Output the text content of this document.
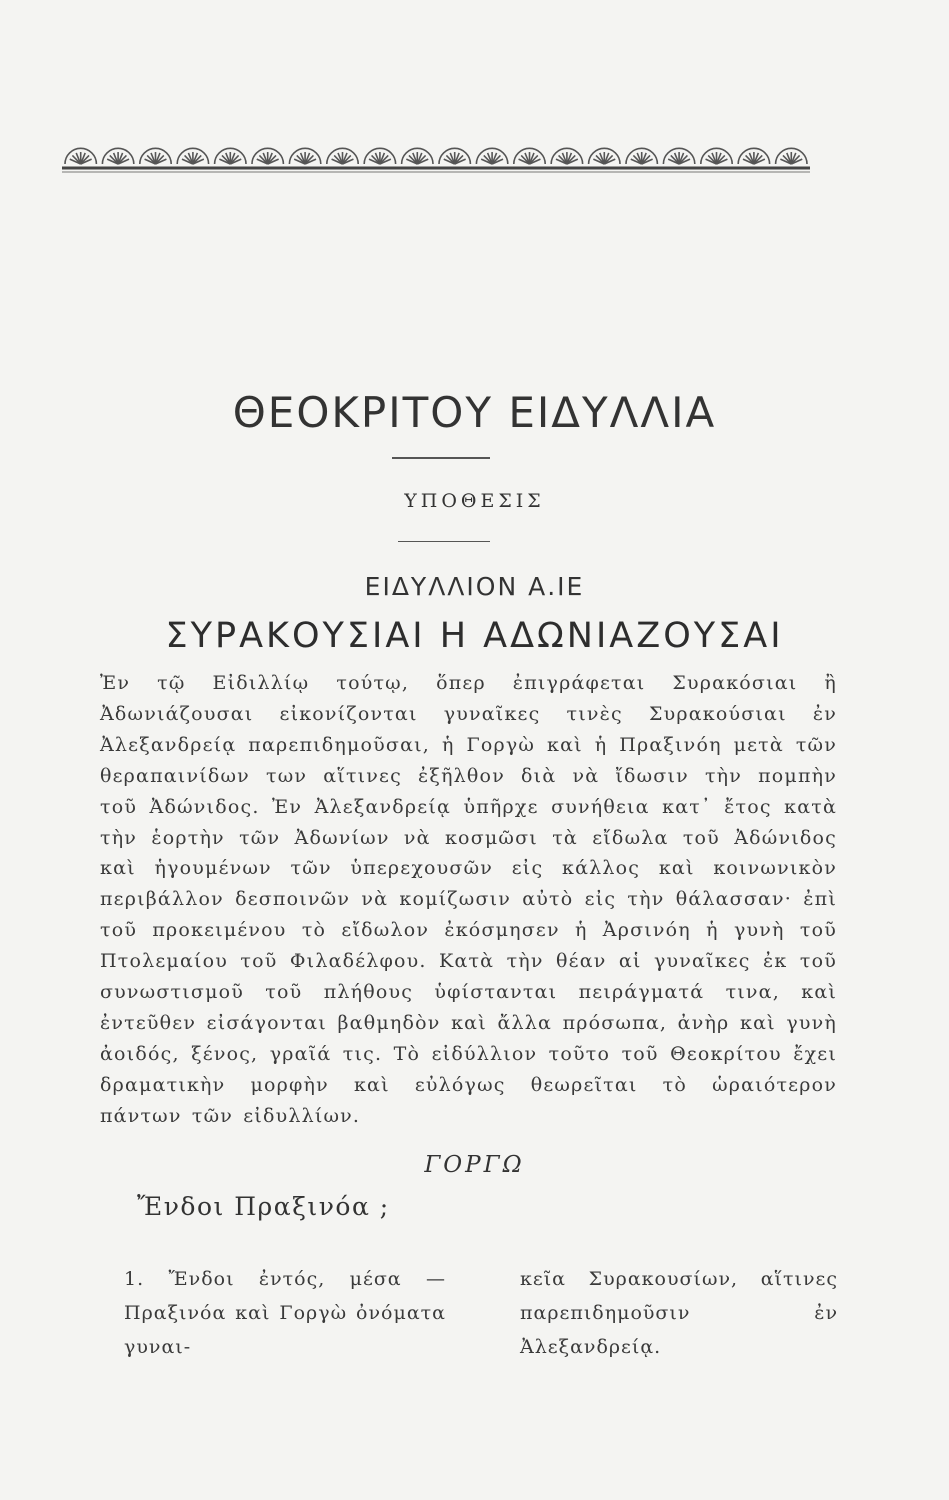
ΘΕΟΚΡΙΤΟΥ ΕΙΔΥΛΛΙΑ
ΥΠΟΘΕΣΙΣ
ΕΙΔΥΛΛΙΟΝ Α.ΙΕ
ΣΥΡΑΚΟΥΣΙΑΙ Η ΑΔΩΝΙΑΖΟΥΣΑΙ

Ἐν τῷ Εἰδιλλίῳ τούτῳ, ὅπερ ἐπιγράφεται Συρακόσιαι ἢ Ἀδωνιάζουσαι εἰκονίζονται γυναῖκες τινὲς Συρακούσιαι ἐν Ἀλεξανδρείᾳ παρεπιδημοῦσαι, ἡ Γοργὼ καὶ ἡ Πραξινόη μετὰ τῶν θεραπαινίδων των αἵτινες ἐξῆλθον διὰ νὰ ἴδωσιν τὴν πομπὴν τοῦ Ἀδώνιδος. Ἐν Ἀλεξανδρείᾳ ὑπῆρχε συνήθεια κατ᾽ ἔτος κατὰ τὴν ἑορτὴν τῶν Ἀδωνίων νὰ κοσμῶσι τὰ εἴδωλα τοῦ Ἀδώνιδος καὶ ἡγουμένων τῶν ὑπερεχουσῶν εἰς κάλλος καὶ κοινωνικὸν περιβάλλον δεσποινῶν νὰ κομίζωσιν αὐτὸ εἰς τὴν θάλασσαν· ἐπὶ τοῦ προκειμένου τὸ εἴδωλον ἐκόσμησεν ἡ Ἀρσινόη ἡ γυνὴ τοῦ Πτολεμαίου τοῦ Φιλαδέλφου. Κατὰ τὴν θέαν αἱ γυναῖκες ἐκ τοῦ συνωστισμοῦ τοῦ πλήθους ὑφίστανται πειράγματά τινα, καὶ ἐντεῦθεν εἰσάγονται βαθμηδὸν καὶ ἄλλα πρόσωπα, ἀνὴρ καὶ γυνὴ ἀοιδός, ξένος, γραῖά τις. Τὸ εἰδύλλιον τοῦτο τοῦ Θεοκρίτου ἔχει δραματικὴν μορφὴν καὶ εὐλόγως θεωρεῖται τὸ ὡραιότερον πάντων τῶν εἰδυλλίων.

ΓΟΡΓΩ
Ἔνδοι Πραξινόα ;
1. Ἔνδοι ἐντός, μέσα — Πραξινόα καὶ Γοργὼ ὀνόματα γυναι-
κεῖα Συρακουσίων, αἵτινες παρεπιδημοῦσιν ἐν Ἀλεξανδρείᾳ.
